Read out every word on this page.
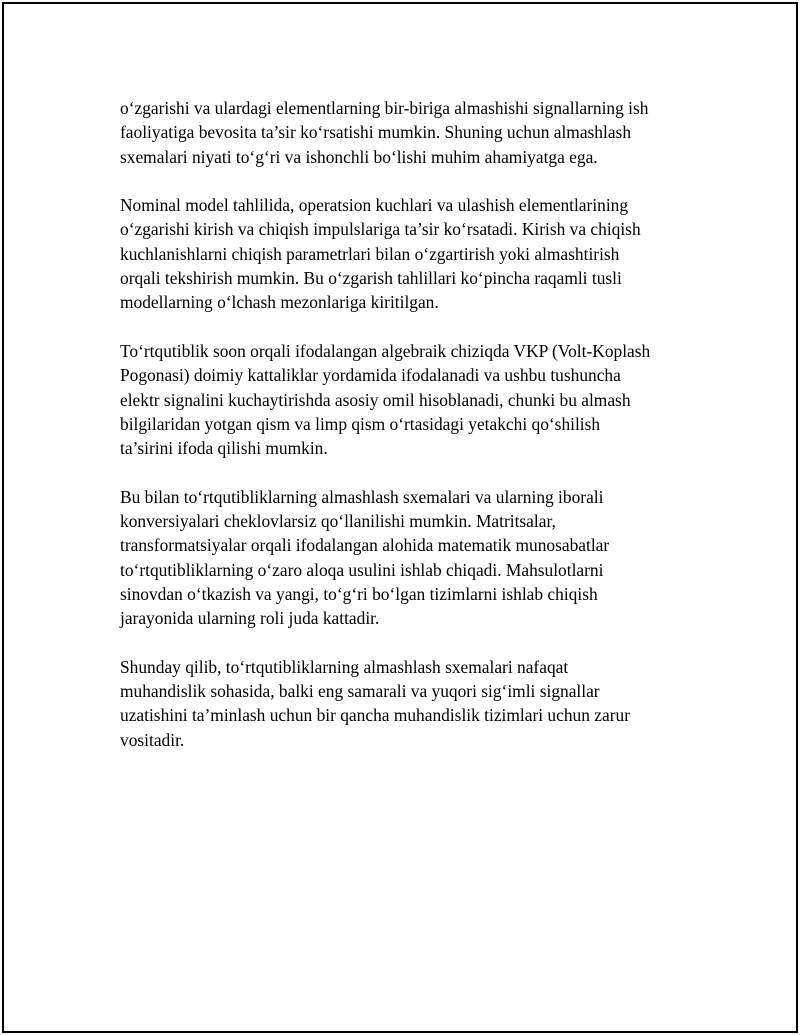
o‘zgarishi va ulardagi elementlarning bir-biriga almashishi signallarning ish
faoliyatiga bevosita ta’sir ko‘rsatishi mumkin. Shuning uchun almashlash
sxemalari niyati to‘g‘ri va ishonchli bo‘lishi muhim ahamiyatga ega.

Nominal model tahlilida, operatsion kuchlari va ulashish elementlarining
o‘zgarishi kirish va chiqish impulslariga ta’sir ko‘rsatadi. Kirish va chiqish
kuchlanishlarni chiqish parametrlari bilan o‘zgartirish yoki almashtirish
orqali tekshirish mumkin. Bu o‘zgarish tahlillari ko‘pincha raqamli tusli
modellarning o‘lchash mezonlariga kiritilgan.

To‘rtqutiblik soon orqali ifodalangan algebraik chiziqda VKP (Volt-Koplash
Pogonasi) doimiy kattaliklar yordamida ifodalanadi va ushbu tushuncha
elektr signalini kuchaytirishda asosiy omil hisoblanadi, chunki bu almash
bilgilaridan yotgan qism va limp qism o‘rtasidagi yetakchi qo‘shilish
ta’sirini ifoda qilishi mumkin.

Bu bilan to‘rtqutibliklarning almashlash sxemalari va ularning iborali
konversiyalari cheklovlarsiz qo‘llanilishi mumkin. Matritsalar,
transformatsiyalar orqali ifodalangan alohida matematik munosabatlar
to‘rtqutibliklarning o‘zaro aloqa usulini ishlab chiqadi. Mahsulotlarni
sinovdan o‘tkazish va yangi, to‘g‘ri bo‘lgan tizimlarni ishlab chiqish
jarayonida ularning roli juda kattadir.

Shunday qilib, to‘rtqutibliklarning almashlash sxemalari nafaqat
muhandislik sohasida, balki eng samarali va yuqori sig‘imli signallar
uzatishini ta’minlash uchun bir qancha muhandislik tizimlari uchun zarur
vositadir.
